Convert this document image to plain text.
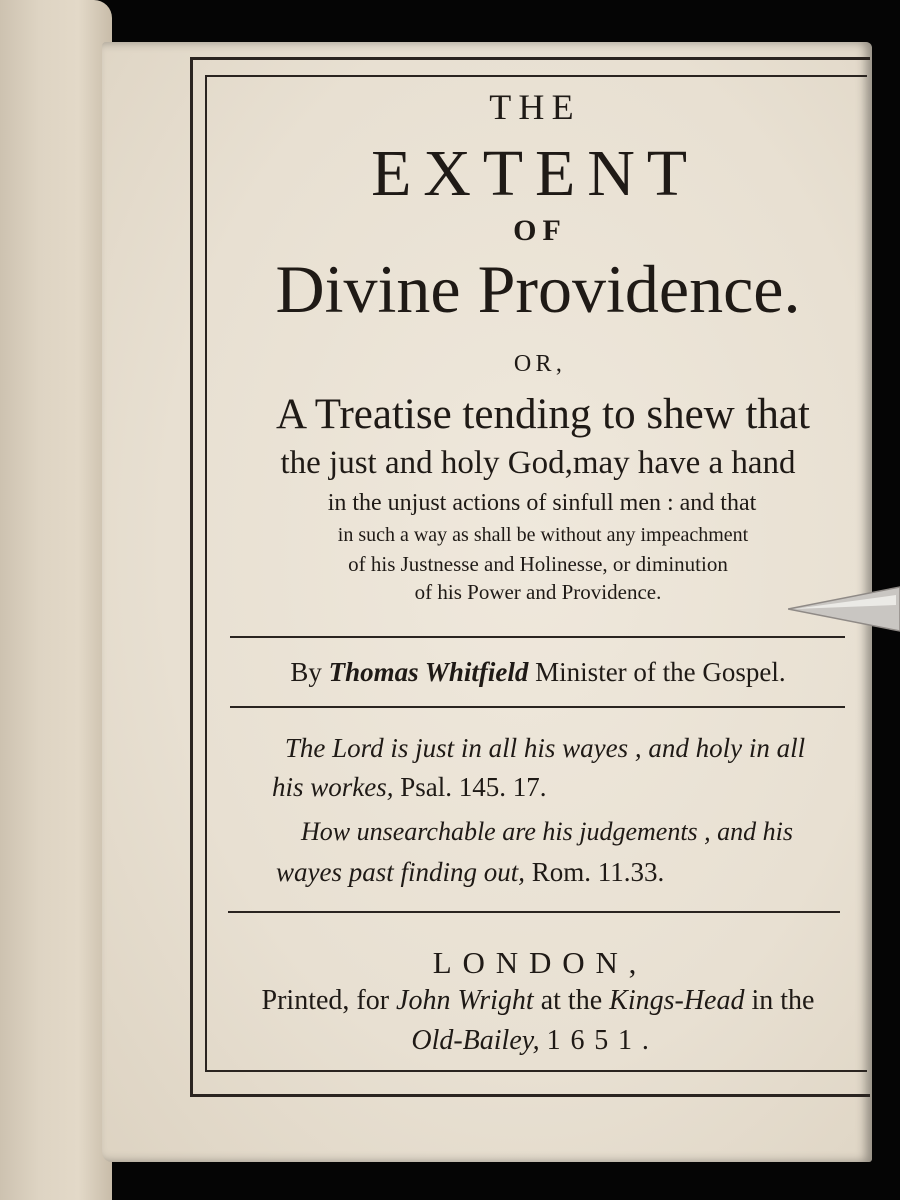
THE
EXTENT
OF
Divine Providence.
OR,
A Treatise tending to shew that
the just and holy God,may have a hand
in the unjust actions of sinfull men : and that
in such a way as shall be without any impeachment
of his Justnesse and Holinesse, or diminution
of his Power and Providence.
By Thomas Whitfield Minister of the Gospel.
The Lord is just in all his wayes , and holy in all
his workes, Psal. 145. 17.
How unsearchable are his judgements , and his
wayes past finding out, Rom. 11.33.
LONDON,
Printed, for John Wright at the Kings-Head in the
Old-Bailey, 1651.
